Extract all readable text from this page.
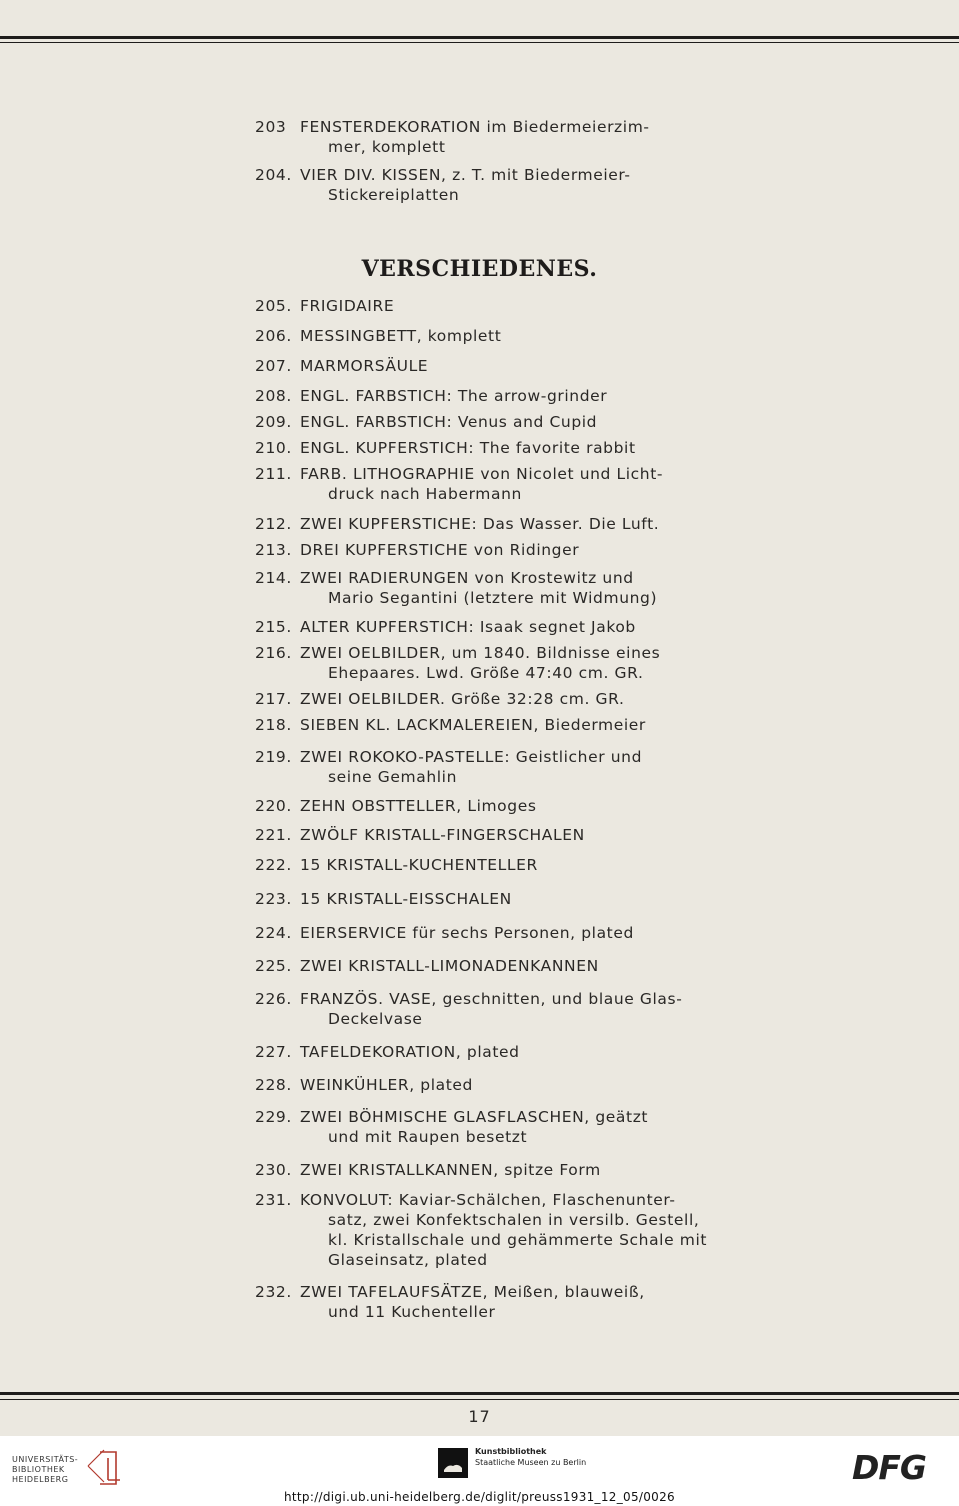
203 FENSTERDEKORATION im Biedermeierzim-
mer, komplett
204. VIER DIV. KISSEN, z. T. mit Biedermeier-
Stickereiplatten
205. FRIGIDAIRE
206. MESSINGBETT, komplett
207. MARMORSÄULE
208. ENGL. FARBSTICH: The arrow-grinder
209. ENGL. FARBSTICH: Venus and Cupid
210. ENGL. KUPFERSTICH: The favorite rabbit
211. FARB. LITHOGRAPHIE von Nicolet und Licht-
druck nach Habermann
212. ZWEI KUPFERSTICHE: Das Wasser. Die Luft.
213. DREI KUPFERSTICHE von Ridinger
214. ZWEI RADIERUNGEN von Krostewitz und
Mario Segantini (letztere mit Widmung)
215. ALTER KUPFERSTICH: Isaak segnet Jakob
216. ZWEI OELBILDER, um 1840. Bildnisse eines
Ehepaares. Lwd. Größe 47:40 cm. GR.
217. ZWEI OELBILDER. Größe 32:28 cm. GR.
218. SIEBEN KL. LACKMALEREIEN, Biedermeier
219. ZWEI ROKOKO-PASTELLE: Geistlicher und
seine Gemahlin
220. ZEHN OBSTTELLER, Limoges
221. ZWÖLF KRISTALL-FINGERSCHALEN
222. 15 KRISTALL-KUCHENTELLER
223. 15 KRISTALL-EISSCHALEN
224. EIERSERVICE für sechs Personen, plated
225. ZWEI KRISTALL-LIMONADENKANNEN
226. FRANZÖS. VASE, geschnitten, und blaue Glas-
Deckelvase
227. TAFELDEKORATION, plated
228. WEINKÜHLER, plated
229. ZWEI BÖHMISCHE GLASFLASCHEN, geätzt
und mit Raupen besetzt
230. ZWEI KRISTALLKANNEN, spitze Form
231. KONVOLUT: Kaviar-Schälchen, Flaschenunter-
satz, zwei Konfektschalen in versilb. Gestell,
kl. Kristallschale und gehämmerte Schale mit
Glaseinsatz, plated
232. ZWEI TAFELAUFSÄTZE, Meißen, blauweiß,
und 11 Kuchenteller
VERSCHIEDENES.
17
UNIVERSITÄTS-
BIBLIOTHEK
HEIDELBERG
Kunstbibliothek
Staatliche Museen zu Berlin	DFG
http://digi.ub.uni-heidelberg.de/diglit/preuss1931_12_05/0026
